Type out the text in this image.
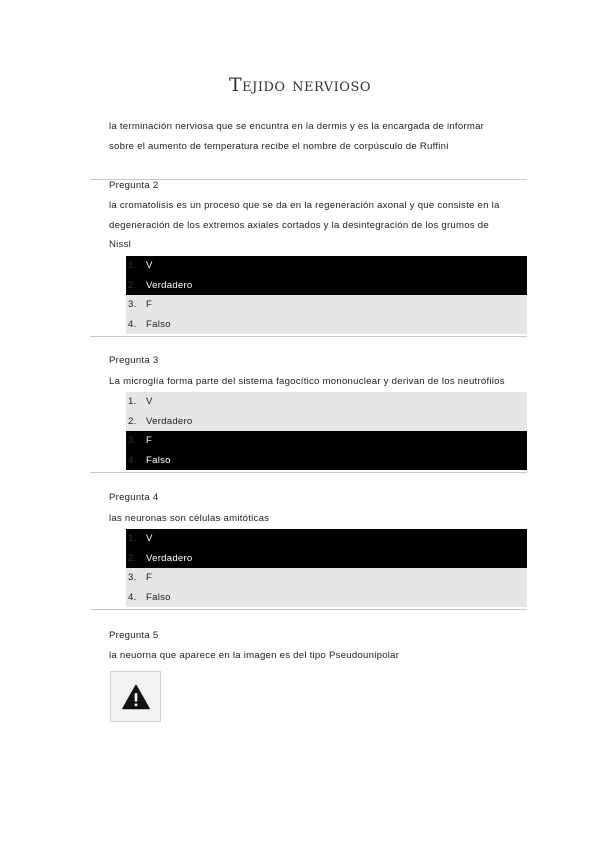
Tejido nervioso
la terminación nerviosa que se encuntra en la dermis y es la encargada de informar
sobre el aumento de temperatura recibe el nombre de corpúsculo de Ruffini
Pregunta 2
la cromatolisis es un proceso que se da en la regeneración axonal y que consiste en la
degeneración de los extremos axiales cortados y la desintegración de los grumos de
Nissl
1. V
2. Verdadero
3. F
4. Falso
Pregunta 3
La microglía forma parte del sistema fagocítico mononuclear y derivan de los neutrófilos
1. V
2. Verdadero
3. F
4. Falso
Pregunta 4
las neuronas son células amitóticas
1. V
2. Verdadero
3. F
4. Falso
Pregunta 5
la neuorna que aparece en la imagen es del tipo Pseudounipolar
